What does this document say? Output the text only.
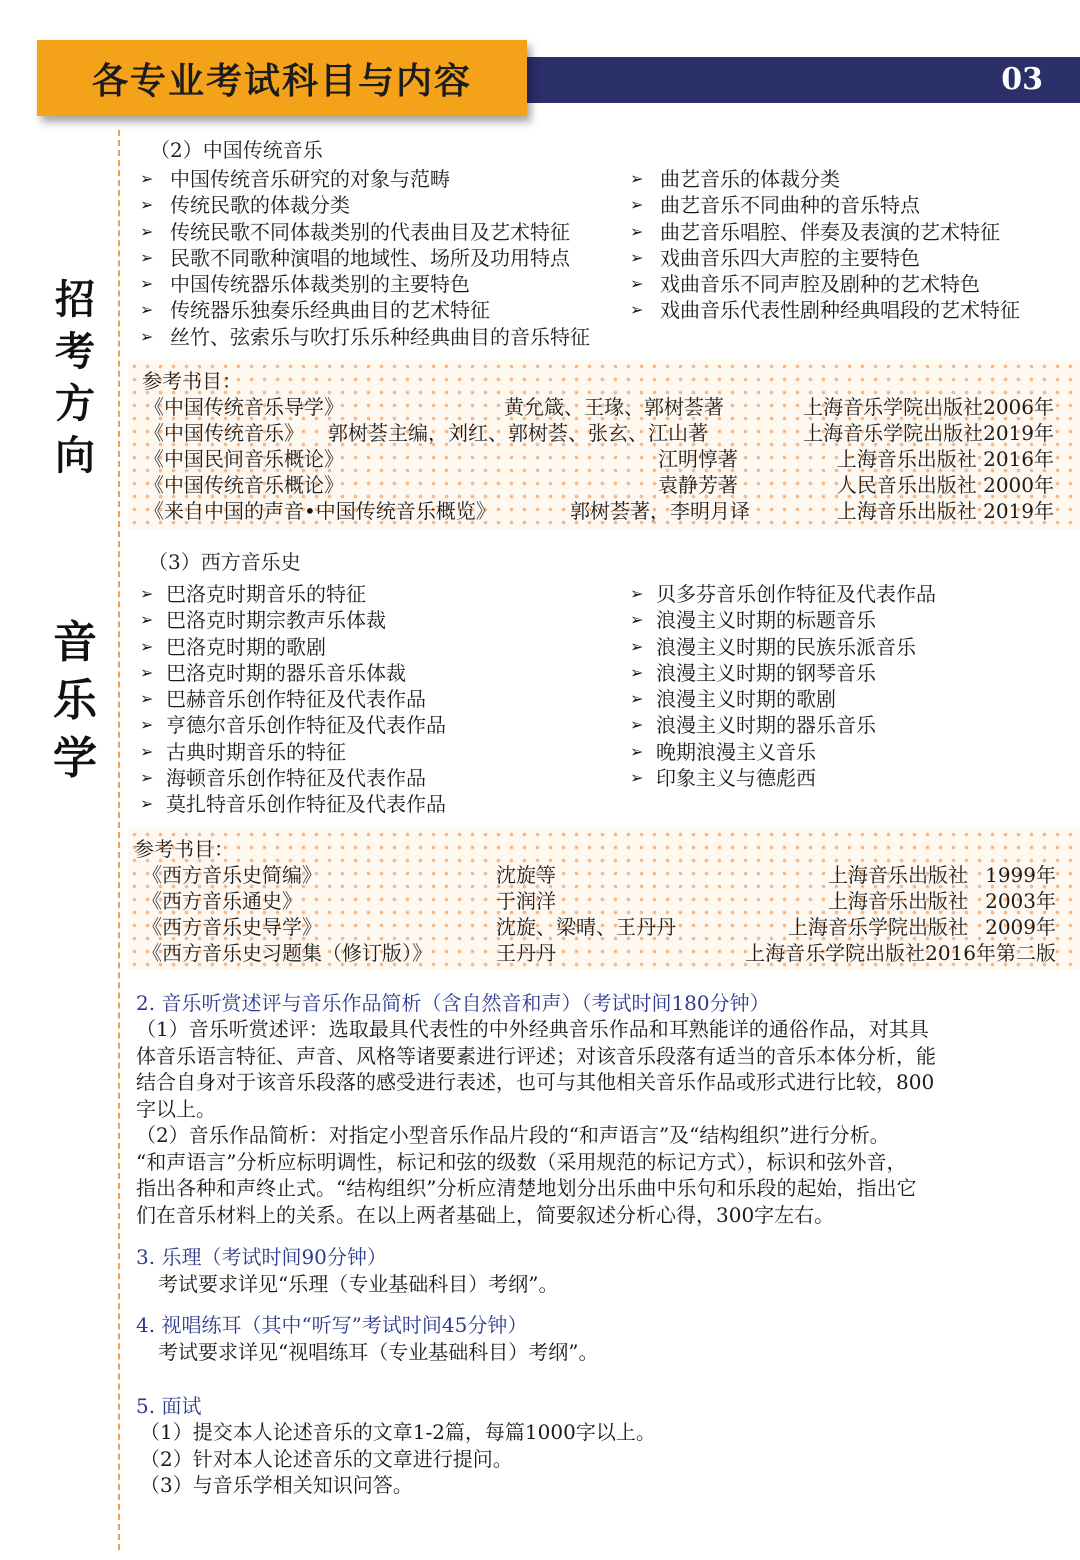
03
各专业考试科目与内容
招
考
方
向
音
乐
学
（2）中国传统音乐
➢ 中国传统音乐研究的对象与范畴
➢ 传统民歌的体裁分类
➢ 传统民歌不同体裁类别的代表曲目及艺术特征
➢ 民歌不同歌种演唱的地域性、场所及功用特点
➢ 中国传统器乐体裁类别的主要特色
➢ 传统器乐独奏乐经典曲目的艺术特征
➢ 丝竹、弦索乐与吹打乐乐种经典曲目的音乐特征
➢ 曲艺音乐的体裁分类
➢ 曲艺音乐不同曲种的音乐特点
➢ 曲艺音乐唱腔、伴奏及表演的艺术特征
➢ 戏曲音乐四大声腔的主要特色
➢ 戏曲音乐不同声腔及剧种的艺术特色
➢ 戏曲音乐代表性剧种经典唱段的艺术特征
参考书目：
《中国传统音乐导学》	黄允箴、王瑑、郭树荟著	上海音乐学院出版社2006年
《中国传统音乐》 郭树荟主编，刘红、郭树荟、张玄、江山著	上海音乐学院出版社2019年
《中国民间音乐概论》	江明惇著	上海音乐出版社 2016年
《中国传统音乐概论》	袁静芳著	人民音乐出版社 2000年
《来自中国的声音•中国传统音乐概览》	郭树荟著，李明月译	上海音乐出版社 2019年
（3）西方音乐史
➢ 巴洛克时期音乐的特征
➢ 巴洛克时期宗教声乐体裁
➢ 巴洛克时期的歌剧
➢ 巴洛克时期的器乐音乐体裁
➢ 巴赫音乐创作特征及代表作品
➢ 亨德尔音乐创作特征及代表作品
➢ 古典时期音乐的特征
➢ 海顿音乐创作特征及代表作品
➢ 莫扎特音乐创作特征及代表作品
➢ 贝多芬音乐创作特征及代表作品
➢ 浪漫主义时期的标题音乐
➢ 浪漫主义时期的民族乐派音乐
➢ 浪漫主义时期的钢琴音乐
➢ 浪漫主义时期的歌剧
➢ 浪漫主义时期的器乐音乐
➢ 晚期浪漫主义音乐
➢ 印象主义与德彪西
参考书目：
《西方音乐史简编》	沈旋等	上海音乐出版社 1999年
《西方音乐通史》	于润洋	上海音乐出版社 2003年
《西方音乐史导学》	沈旋、梁晴、王丹丹	上海音乐学院出版社 2009年
《西方音乐史习题集（修订版）》	王丹丹	上海音乐学院出版社2016年第二版
2. 音乐听赏述评与音乐作品简析（含自然音和声）（考试时间180分钟）
（1）音乐听赏述评：选取最具代表性的中外经典音乐作品和耳熟能详的通俗作品，对其具
体音乐语言特征、声音、风格等诸要素进行评述；对该音乐段落有适当的音乐本体分析，能
结合自身对于该音乐段落的感受进行表述，也可与其他相关音乐作品或形式进行比较，800
字以上。
（2）音乐作品简析：对指定小型音乐作品片段的“和声语言”及“结构组织”进行分析。
“和声语言”分析应标明调性，标记和弦的级数（采用规范的标记方式），标识和弦外音，
指出各种和声终止式。“结构组织”分析应清楚地划分出乐曲中乐句和乐段的起始，指出它
们在音乐材料上的关系。在以上两者基础上，简要叙述分析心得，300字左右。
3. 乐理（考试时间90分钟）
考试要求详见“乐理（专业基础科目）考纲”。
4. 视唱练耳（其中“听写”考试时间45分钟）
考试要求详见“视唱练耳（专业基础科目）考纲”。
5. 面试
（1）提交本人论述音乐的文章1-2篇，每篇1000字以上。
（2）针对本人论述音乐的文章进行提问。
（3）与音乐学相关知识问答。
